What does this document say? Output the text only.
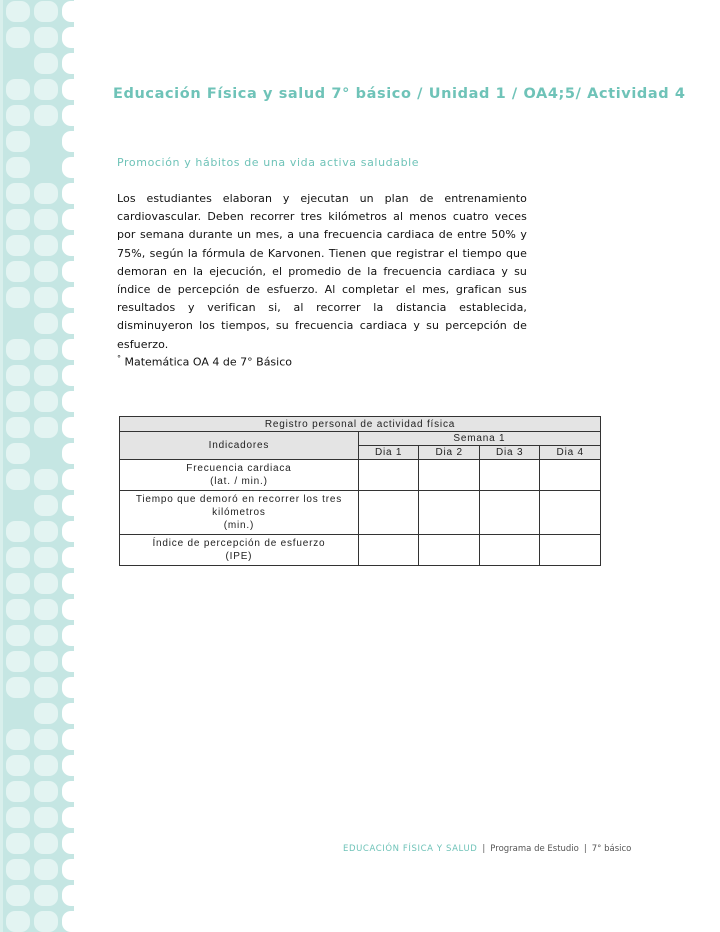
Educación Física y salud 7° básico / Unidad 1 / OA4;5/ Actividad 4
Promoción y hábitos de una vida activa saludable
Los estudiantes elaboran y ejecutan un plan de entrenamiento cardiovascular. Deben recorrer tres kilómetros al menos cuatro veces por semana durante un mes, a una frecuencia cardiaca de entre 50% y 75%, según la fórmula de Karvonen. Tienen que registrar el tiempo que demoran en la ejecución, el promedio de la frecuencia cardiaca y su índice de percepción de esfuerzo. Al completar el mes, grafican sus resultados y verifican si, al recorrer la distancia establecida, disminuyeron los tiempos, su frecuencia cardiaca y su percepción de esfuerzo.
° Matemática OA 4 de 7° Básico
Registro personal de actividad física				
Indicadores	Semana 1			
	Dia 1	Dia 2	Dia 3	Dia 4

Frecuencia cardiaca
(lat. / min.)				

Tiempo que demoró en recorrer los tres
kilómetros
(min.)				

Índice de percepción de esfuerzo
(IPE)				

EDUCACIÓN FÍSICA Y SALUD | Programa de Estudio | 7° básico
